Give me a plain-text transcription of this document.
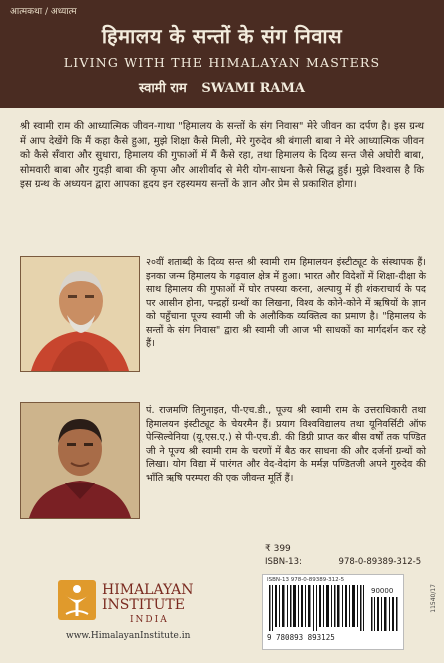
आत्मकथा / अध्यात्म
हिमालय के सन्तों के संग निवास
LIVING WITH THE HIMALAYAN MASTERS
स्वामी राम SWAMI RAMA
श्री स्वामी राम की आध्यात्मिक जीवन-गाथा "हिमालय के सन्तों के संग निवास" मेरे जीवन का दर्पण है। इस ग्रन्थ में आप देखेंगे कि मैं कहा कैसे हुआ, मुझे शिक्षा कैसे मिली, मेरे गुरुदेव श्री बंगाली बाबा ने मेरे आध्यात्मिक जीवन को कैसे सँवारा और सुधारा, हिमालय की गुफाओं में मैं कैसे रहा, तथा हिमालय के दिव्य सन्त जैसे अघोरी बाबा, सोमवारी बाबा और गुदड़ी बाबा की कृपा और आशीर्वाद से मेरी योग-साधना कैसे सिद्ध हुई। मुझे विश्वास है कि इस ग्रन्थ के अध्ययन द्वारा आपका हृदय इन रहस्यमय सन्तों के ज्ञान और प्रेम से प्रकाशित होगा।
२०वीं शताब्दी के दिव्य सन्त श्री स्वामी राम हिमालयन इंस्टीट्यूट के संस्थापक हैं। इनका जन्म हिमालय के गढ़वाल क्षेत्र में हुआ। भारत और विदेशों में शिक्षा-दीक्षा के साथ हिमालय की गुफाओं में घोर तपस्या करना, अल्पायु में ही शंकराचार्य के पद पर आसीन होना, पन्द्रहों ग्रन्थों का लिखना, विश्व के कोने-कोने में ऋषियों के ज्ञान को पहुँचाना पूज्य स्वामी जी के अलौकिक व्यक्तित्व का प्रमाण है। "हिमालय के सन्तों के संग निवास" द्वारा श्री स्वामी जी आज भी साधकों का मार्गदर्शन कर रहे हैं।
पं. राजमणि तिगुनाइत, पी-एच.डी., पूज्य श्री स्वामी राम के उत्तराधिकारी तथा हिमालयन इंस्टीट्यूट के चेयरमैन हैं। प्रयाग विश्वविद्यालय तथा यूनिवर्सिटी ऑफ पेन्सिल्वेनिया (यू.एस.ए.) से पी-एच.डी. की डिग्री प्राप्त कर बीस वर्षों तक पण्डित जी ने पूज्य श्री स्वामी राम के चरणों में बैठ कर साधना की और दर्जनों ग्रन्थों को लिखा। योग विद्या में पारंगत और वेद-वेदांग के मर्मज्ञ पण्डितजी अपने गुरुदेव की भाँति ऋषि परम्परा की एक जीवन्त मूर्ति हैं।
₹ 399
ISBN-13:	978-0-89389-312-5
ISBN-13 978-0-89389-312-5
90000
9 780893 893125
11540/17
HIMALAYAN
INSTITUTE
INDIA
www.HimalayanInstitute.in
